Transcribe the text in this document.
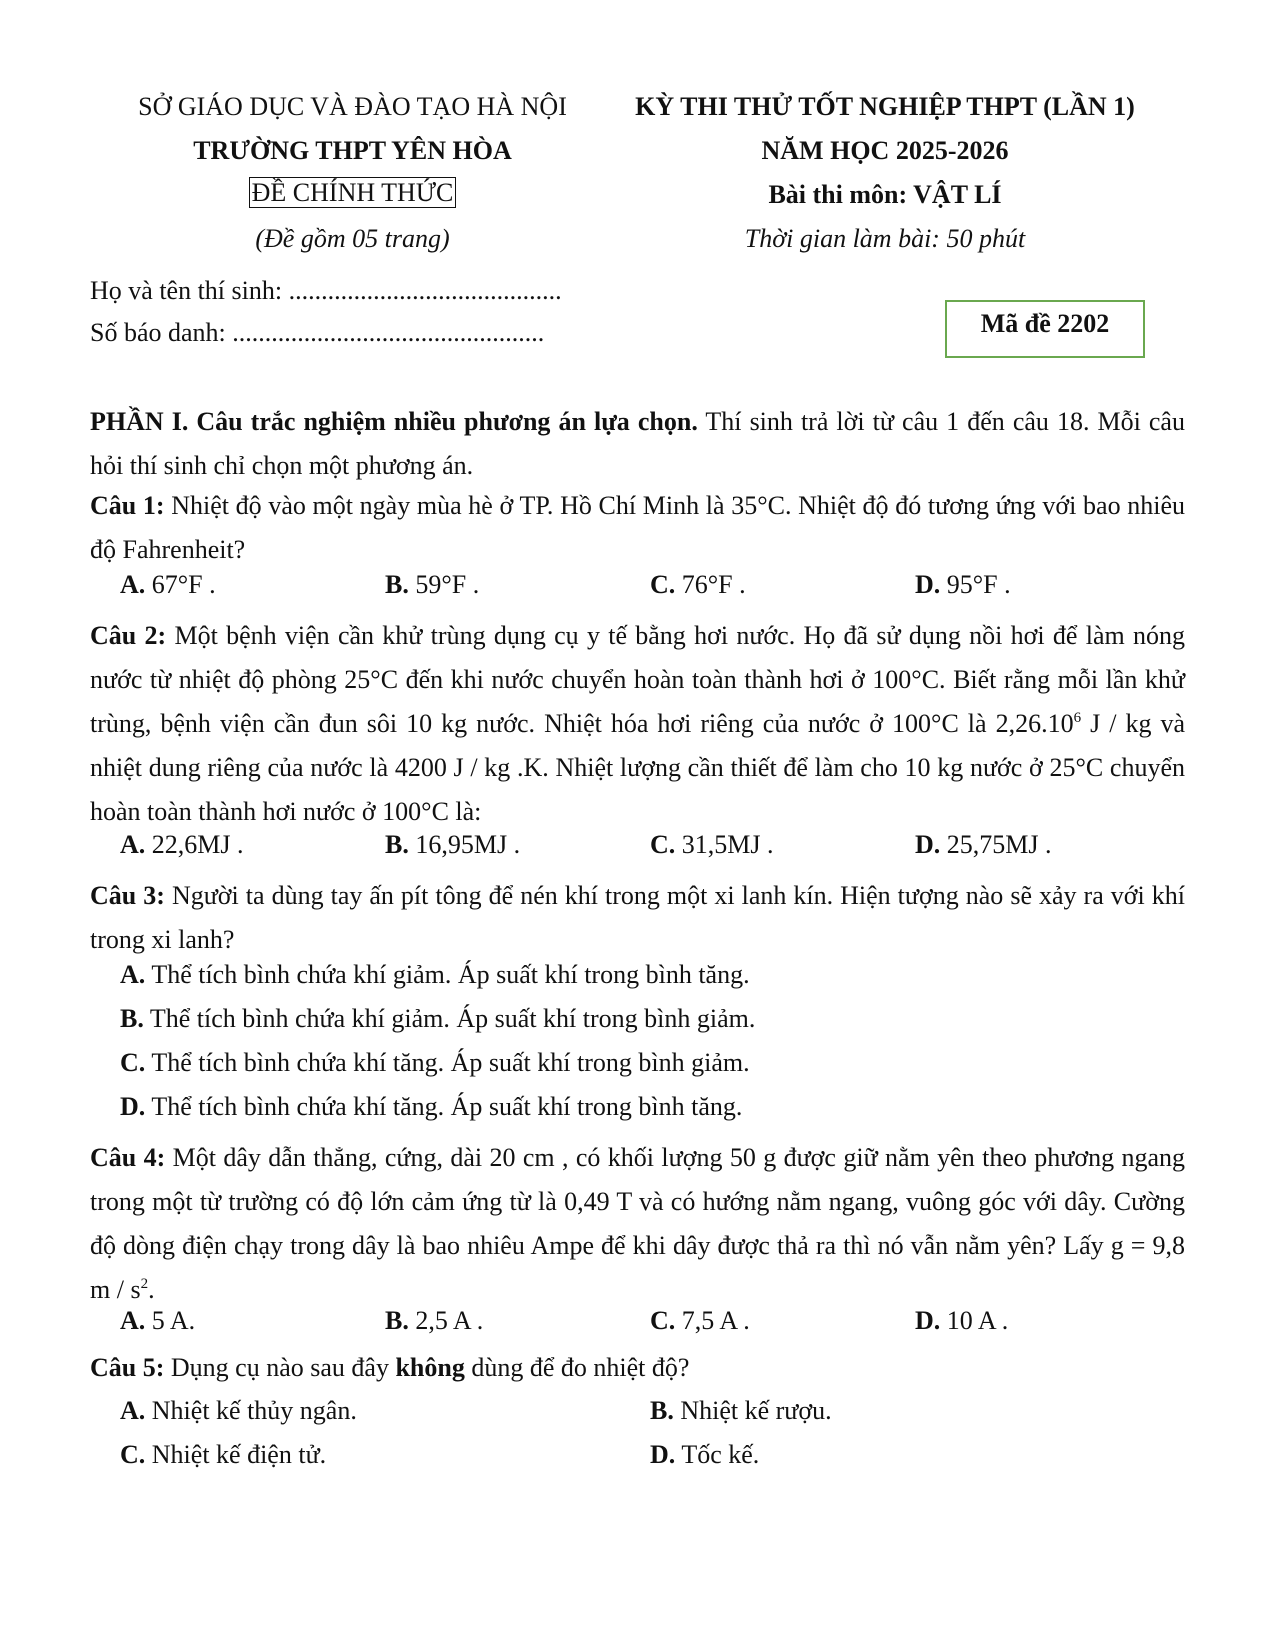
SỞ GIÁO DỤC VÀ ĐÀO TẠO HÀ NỘI
TRƯỜNG THPT YÊN HÒA
ĐỀ CHÍNH THỨC
(Đề gồm 05 trang)
KỲ THI THỬ TỐT NGHIỆP THPT (LẦN 1)
NĂM HỌC 2025-2026
Bài thi môn: VẬT LÍ
Thời gian làm bài: 50 phút
Họ và tên thí sinh: ..........................................
Số báo danh: ................................................	Mã đề 2202
PHẦN I. Câu trắc nghiệm nhiều phương án lựa chọn. Thí sinh trả lời từ câu 1 đến câu 18. Mỗi câu hỏi thí sinh chỉ chọn một phương án.
Câu 1: Nhiệt độ vào một ngày mùa hè ở TP. Hồ Chí Minh là 35°C. Nhiệt độ đó tương ứng với bao nhiêu độ Fahrenheit?
A. 67°F .	B. 59°F .	C. 76°F .	D. 95°F .
Câu 2: Một bệnh viện cần khử trùng dụng cụ y tế bằng hơi nước. Họ đã sử dụng nồi hơi để làm nóng nước từ nhiệt độ phòng 25°C đến khi nước chuyển hoàn toàn thành hơi ở 100°C. Biết rằng mỗi lần khử trùng, bệnh viện cần đun sôi 10 kg nước. Nhiệt hóa hơi riêng của nước ở 100°C là 2,26.10$^6$ J / kg và nhiệt dung riêng của nước là 4200 J / kg .K. Nhiệt lượng cần thiết để làm cho 10 kg nước ở 25°C chuyển hoàn toàn thành hơi nước ở 100°C là:
A. 22,6MJ .	B. 16,95MJ .	C. 31,5MJ .	D. 25,75MJ .
Câu 3: Người ta dùng tay ấn pít tông để nén khí trong một xi lanh kín. Hiện tượng nào sẽ xảy ra với khí trong xi lanh?
A. Thể tích bình chứa khí giảm. Áp suất khí trong bình tăng.
B. Thể tích bình chứa khí giảm. Áp suất khí trong bình giảm.
C. Thể tích bình chứa khí tăng. Áp suất khí trong bình giảm.
D. Thể tích bình chứa khí tăng. Áp suất khí trong bình tăng.
Câu 4: Một dây dẫn thẳng, cứng, dài 20 cm , có khối lượng 50 g được giữ nằm yên theo phương ngang trong một từ trường có độ lớn cảm ứng từ là 0,49 T và có hướng nằm ngang, vuông góc với dây. Cường độ dòng điện chạy trong dây là bao nhiêu Ampe để khi dây được thả ra thì nó vẫn nằm yên? Lấy g = 9,8 m / $s^2$.
A. 5 A.	B. 2,5 A .	C. 7,5 A .	D. 10 A .
Câu 5: Dụng cụ nào sau đây không dùng để đo nhiệt độ?
A. Nhiệt kế thủy ngân.	B. Nhiệt kế rượu.
C. Nhiệt kế điện tử.	D. Tốc kế.
